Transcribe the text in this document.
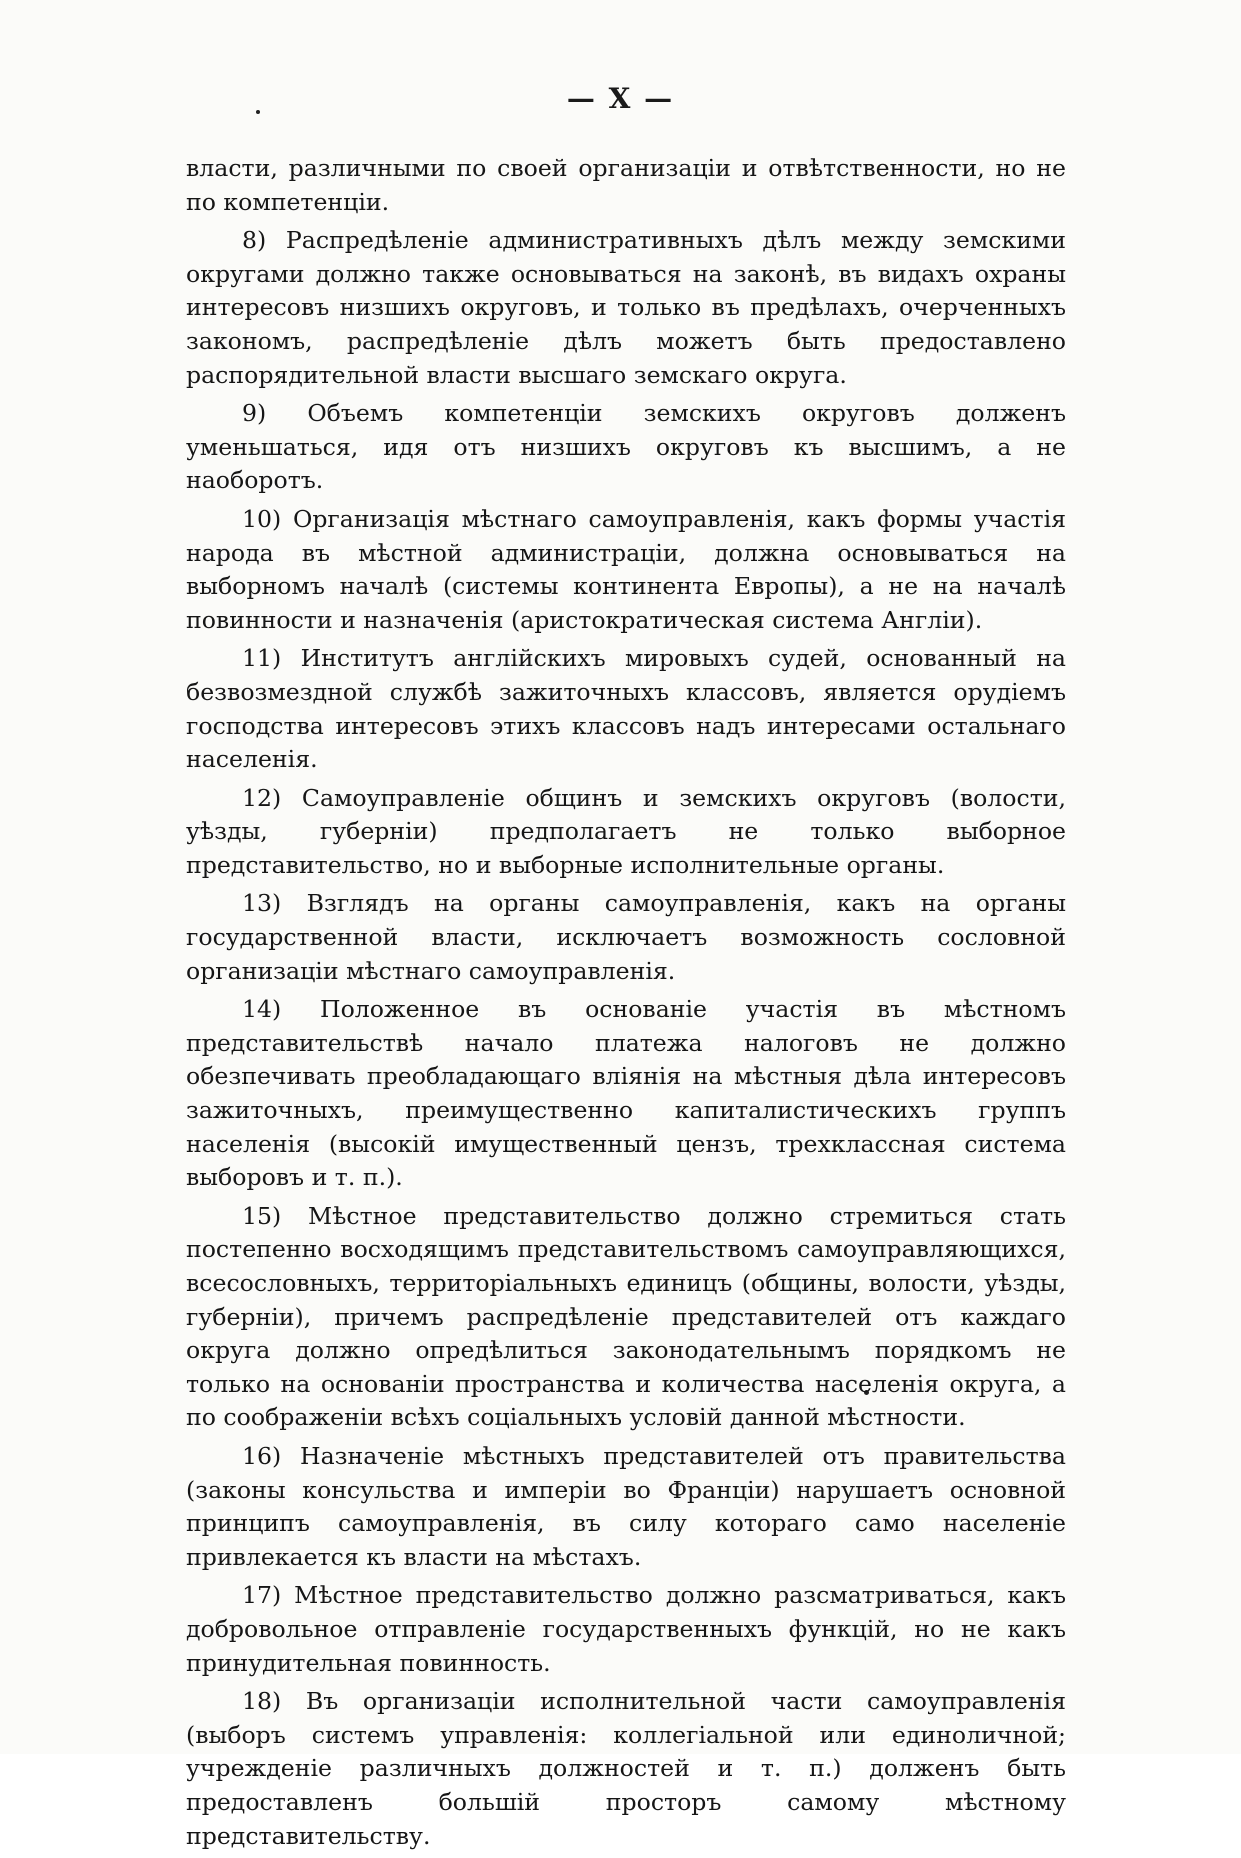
— X —

власти, различными по своей организаціи и отвѣтственности, но не по компетенціи.

8) Распредѣленіе административныхъ дѣлъ между земскими округами должно также основываться на законѣ, въ видахъ охраны интересовъ низшихъ округовъ, и только въ предѣлахъ, очерченныхъ закономъ, распредѣленіе дѣлъ можетъ быть предоставлено распорядительной власти высшаго земскаго округа.

9) Объемъ компетенціи земскихъ округовъ долженъ уменьшаться, идя отъ низшихъ округовъ къ высшимъ, а не наоборотъ.

10) Организація мѣстнаго самоуправленія, какъ формы участія народа въ мѣстной администраціи, должна основываться на выборномъ началѣ (системы континента Европы), а не на началѣ повинности и назначенія (аристократическая система Англіи).

11) Институтъ англійскихъ мировыхъ судей, основанный на безвозмездной службѣ зажиточныхъ классовъ, является орудіемъ господства интересовъ этихъ классовъ надъ интересами остальнаго населенія.

12) Самоуправленіе общинъ и земскихъ округовъ (волости, уѣзды, губерніи) предполагаетъ не только выборное представительство, но и выборные исполнительные органы.

13) Взглядъ на органы самоуправленія, какъ на органы государственной власти, исключаетъ возможность сословной организаціи мѣстнаго самоуправленія.

14) Положенное въ основаніе участія въ мѣстномъ представительствѣ начало платежа налоговъ не должно обезпечивать преобладающаго вліянія на мѣстныя дѣла интересовъ зажиточныхъ, преимущественно капиталистическихъ группъ населенія (высокій имущественный цензъ, трехклассная система выборовъ и т. п.).

15) Мѣстное представительство должно стремиться стать постепенно восходящимъ представительствомъ самоуправляющихся, всесословныхъ, территоріальныхъ единицъ (общины, волости, уѣзды, губерніи), причемъ распредѣленіе представителей отъ каждаго округа должно опредѣлиться законодательнымъ порядкомъ не только на основаніи пространства и количества населенія округа, а по соображеніи всѣхъ соціальныхъ условій данной мѣстности.

16) Назначеніе мѣстныхъ представителей отъ правительства (законы консульства и имперіи во Франціи) нарушаетъ основной принципъ самоуправленія, въ силу котораго само населеніе привлекается къ власти на мѣстахъ.

17) Мѣстное представительство должно разсматриваться, какъ добровольное отправленіе государственныхъ функцій, но не какъ принудительная повинность.

18) Въ организаціи исполнительной части самоуправленія (выборъ системъ управленія: коллегіальной или единоличной; учрежденіе различныхъ должностей и т. п.) долженъ быть предоставленъ большій просторъ самому мѣстному представительству.
